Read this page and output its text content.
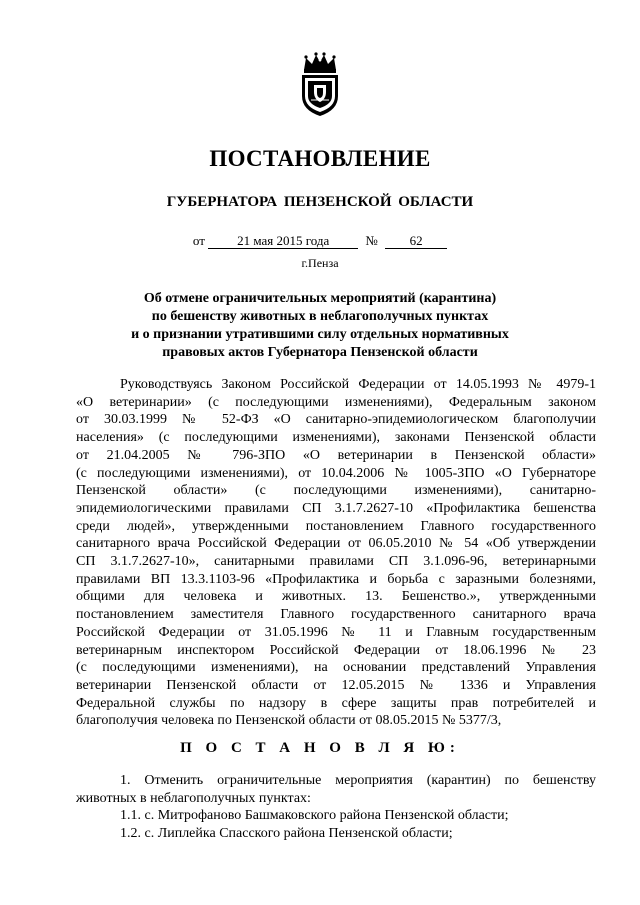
ПОСТАНОВЛЕНИЕ
ГУБЕРНАТОРА ПЕНЗЕНСКОЙ ОБЛАСТИ
от 21 мая 2015 года	№ 62
г.Пенза
Об отмене ограничительных мероприятий (карантина)
по бешенству животных в неблагополучных пунктах
и о признании утратившими силу отдельных нормативных
правовых актов Губернатора Пензенской области
Руководствуясь Законом Российской Федерации от 14.05.1993 № 4979-1
«О ветеринарии» (с последующими изменениями), Федеральным законом
от 30.03.1999 № 52-ФЗ «О санитарно-эпидемиологическом благополучии
населения» (с последующими изменениями), законами Пензенской области
от 21.04.2005 № 796-ЗПО «О ветеринарии в Пензенской области»
(с последующими изменениями), от 10.04.2006 № 1005-ЗПО «О Губернаторе
Пензенской области» (с последующими изменениями), санитарно-
эпидемиологическими правилами СП 3.1.7.2627-10 «Профилактика бешенства
среди людей», утвержденными постановлением Главного государственного
санитарного врача Российской Федерации от 06.05.2010 № 54 «Об утверждении
СП 3.1.7.2627-10», санитарными правилами СП 3.1.096-96, ветеринарными
правилами ВП 13.3.1103-96 «Профилактика и борьба с заразными болезнями,
общими для человека и животных. 13. Бешенство.», утвержденными
постановлением заместителя Главного государственного санитарного врача
Российской Федерации от 31.05.1996 № 11 и Главным государственным
ветеринарным инспектором Российской Федерации от 18.06.1996 № 23
(с последующими изменениями), на основании представлений Управления
ветеринарии Пензенской области от 12.05.2015 № 1336 и Управления
Федеральной службы по надзору в сфере защиты прав потребителей и
благополучия человека по Пензенской области от 08.05.2015 № 5377/3,
П О С Т А Н О В Л Я Ю:
1. Отменить ограничительные мероприятия (карантин) по бешенству
животных в неблагополучных пунктах:
1.1. с. Митрофаново Башмаковского района Пензенской области;
1.2. с. Липлейка Спасского района Пензенской области;
